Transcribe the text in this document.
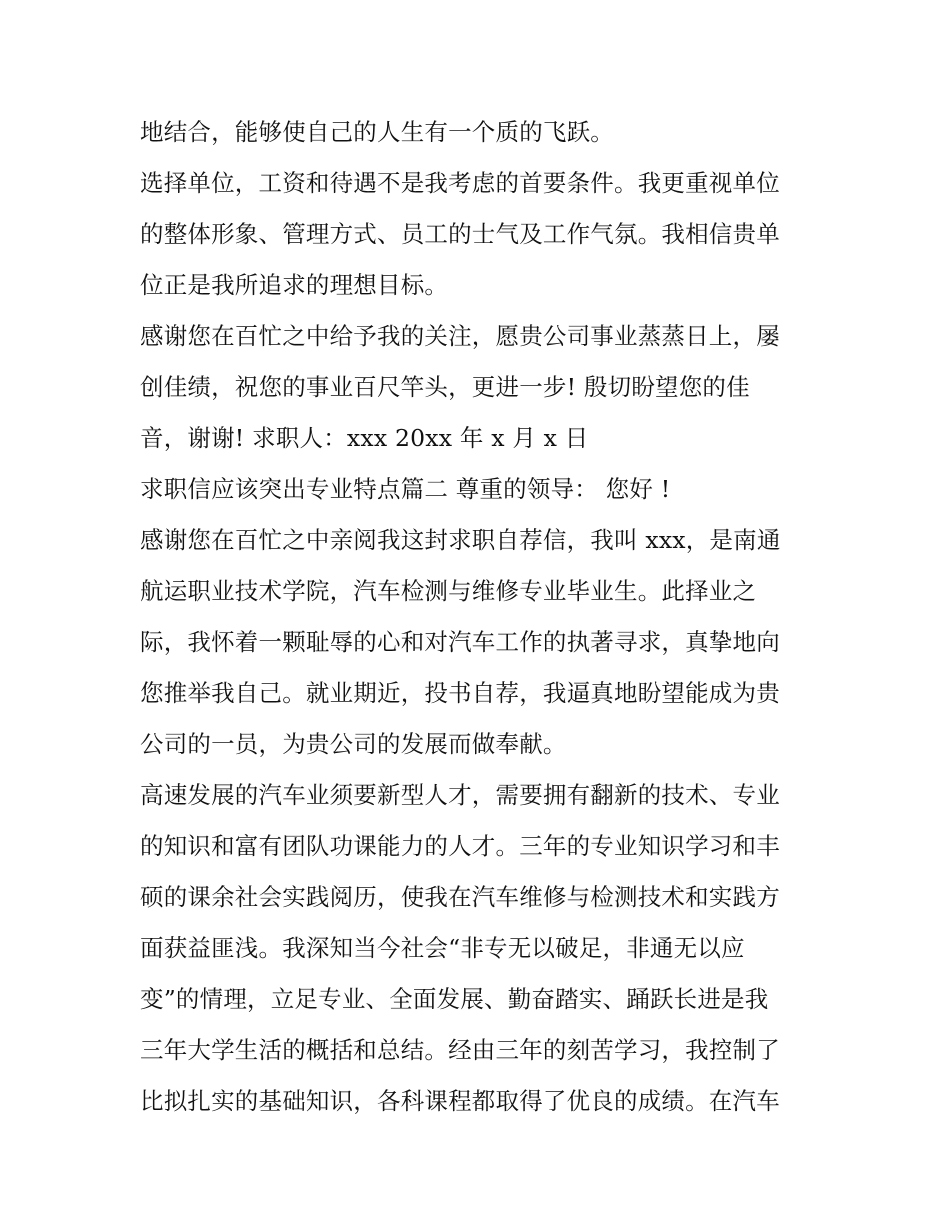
地结合，能够使自己的人生有一个质的飞跃。
选择单位，工资和待遇不是我考虑的首要条件。我更重视单位
的整体形象、管理方式、员工的士气及工作气氛。我相信贵单
位正是我所追求的理想目标。
感谢您在百忙之中给予我的关注，愿贵公司事业蒸蒸日上，屡
创佳绩，祝您的事业百尺竿头，更进一步! 殷切盼望您的佳
音，谢谢! 求职人：xxx 20xx 年 x 月 x 日
求职信应该突出专业特点篇二 尊重的领导： 您好 !
感谢您在百忙之中亲阅我这封求职自荐信，我叫 xxx，是南通
航运职业技术学院，汽车检测与维修专业毕业生。此择业之
际，我怀着一颗耻辱的心和对汽车工作的执著寻求，真挚地向
您推举我自己。就业期近，投书自荐，我逼真地盼望能成为贵
公司的一员，为贵公司的发展而做奉献。
高速发展的汽车业须要新型人才，需要拥有翻新的技术、专业
的知识和富有团队功课能力的人才。三年的专业知识学习和丰
硕的课余社会实践阅历，使我在汽车维修与检测技术和实践方
面获益匪浅。我深知当今社会“非专无以破足，非通无以应
变”的情理，立足专业、全面发展、勤奋踏实、踊跃长进是我
三年大学生活的概括和总结。经由三年的刻苦学习，我控制了
比拟扎实的基础知识，各科课程都取得了优良的成绩。在汽车
